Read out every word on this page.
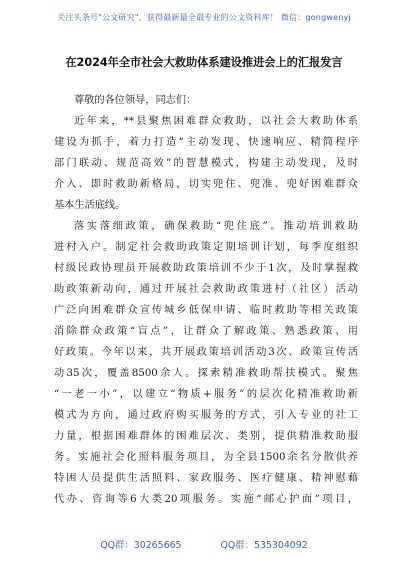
关注头条号"公文研究"，获得最新最全最专业的公文资料库！ 微信：gongwenyj
在2024年全市社会大救助体系建设推进会上的汇报发言
尊敬的各位领导，同志们：
近年来，**县聚焦困难群众救助，以社会大救助体系
建设为抓手，着力打造“主动发现、快速响应、精简程序
部门联动、规范高效”的智慧模式，构建主动发现，及时
介入、即时救助新格局，切实兜住、兜准、兜好困难群众
基本生活底线。
落实落细政策，确保救助“兜住底”。推动培训救助
进村入户。制定社会救助政策定期培训计划，每季度组织
村级民政协理员开展救助政策培训不少于1次，及时掌握救
助政策新动向，通过开展社会救助政策进村（社区）活动
广泛向困难群众宣传城乡低保申请、临时救助等相关政策
消除群众政策“盲点”，让群众了解政策、熟悉政策、用
好政策。今年以来，共开展政策培训活动3次、政策宣传活
动35次，覆盖8500余人。探索精准救助帮扶模式。聚焦
“一老一小”，以建立“物质+服务”的层次化精准救助新
模式为方向，通过政府购买服务的方式，引入专业的社工
力量，根据困难群体的困难层次、类别，提供精准救助服
务。实施社会化照料服务项目，为全县1500余名分散供养
特困人员提供生活照料、家政服务、医疗健康、精神慰藉
代办、咨询等6大类20项服务。实施“邮心护面”项目，
QQ群：30265665	QQ群：535304092
